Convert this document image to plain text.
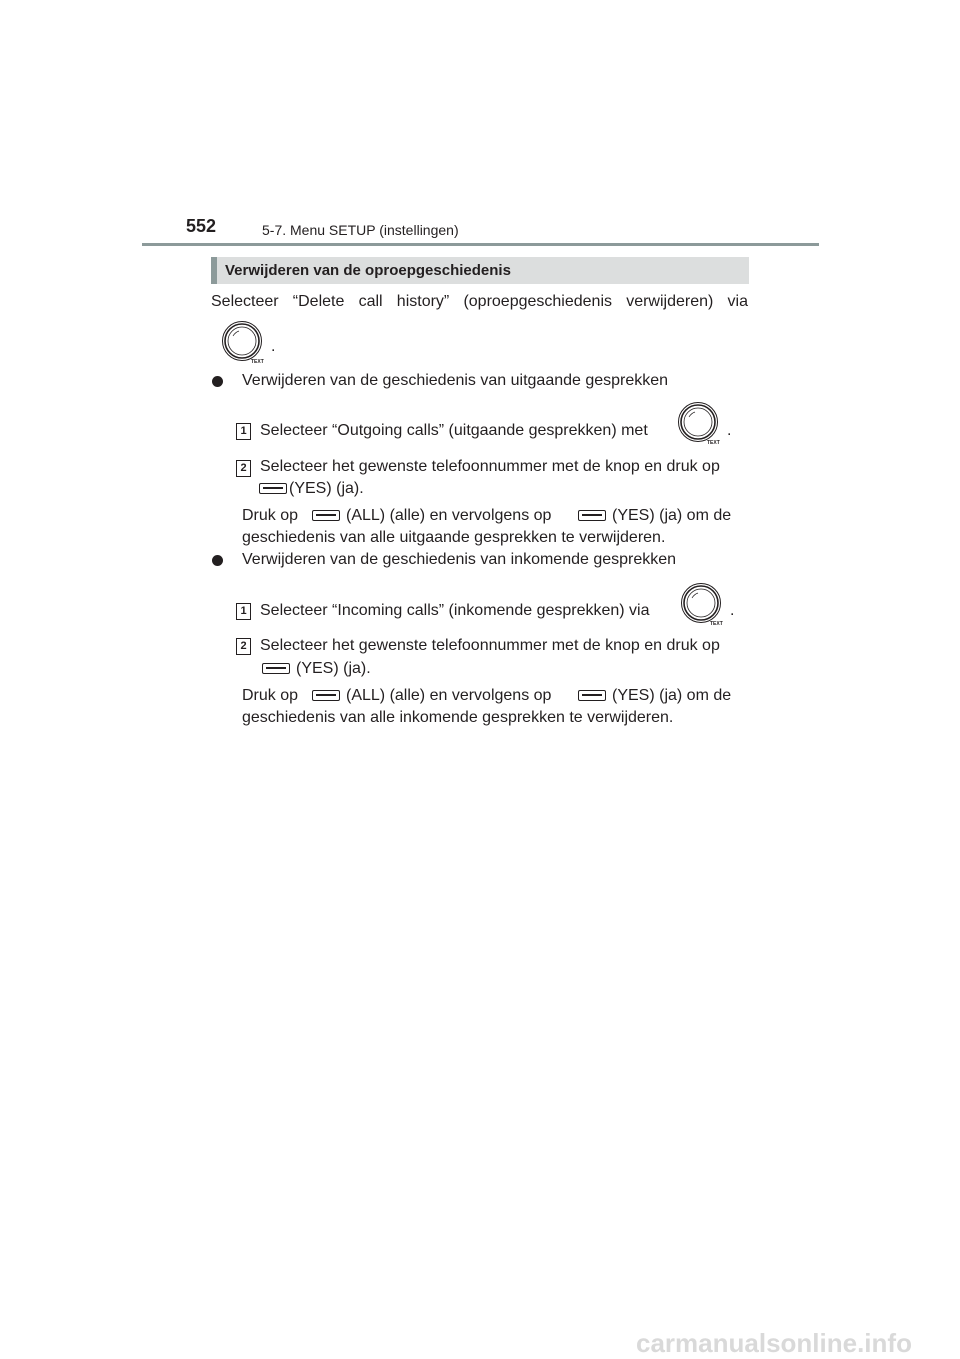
552	5-7. Menu SETUP (instellingen)
Verwijderen van de oproepgeschiedenis
Selecteer “Delete call history” (oproepgeschiedenis verwijderen) via
.
Verwijderen van de geschiedenis van uitgaande gesprekken
1 Selecteer “Outgoing calls” (uitgaande gesprekken) met	.
2 Selecteer het gewenste telefoonnummer met de knop en druk op
(YES) (ja).
Druk op	(ALL) (alle) en vervolgens op	(YES) (ja) om de
geschiedenis van alle uitgaande gesprekken te verwijderen.
Verwijderen van de geschiedenis van inkomende gesprekken
1 Selecteer “Incoming calls” (inkomende gesprekken) via	.
2 Selecteer het gewenste telefoonnummer met de knop en druk op
(YES) (ja).
Druk op	(ALL) (alle) en vervolgens op	(YES) (ja) om de
geschiedenis van alle inkomende gesprekken te verwijderen.
carmanualsonline.info
